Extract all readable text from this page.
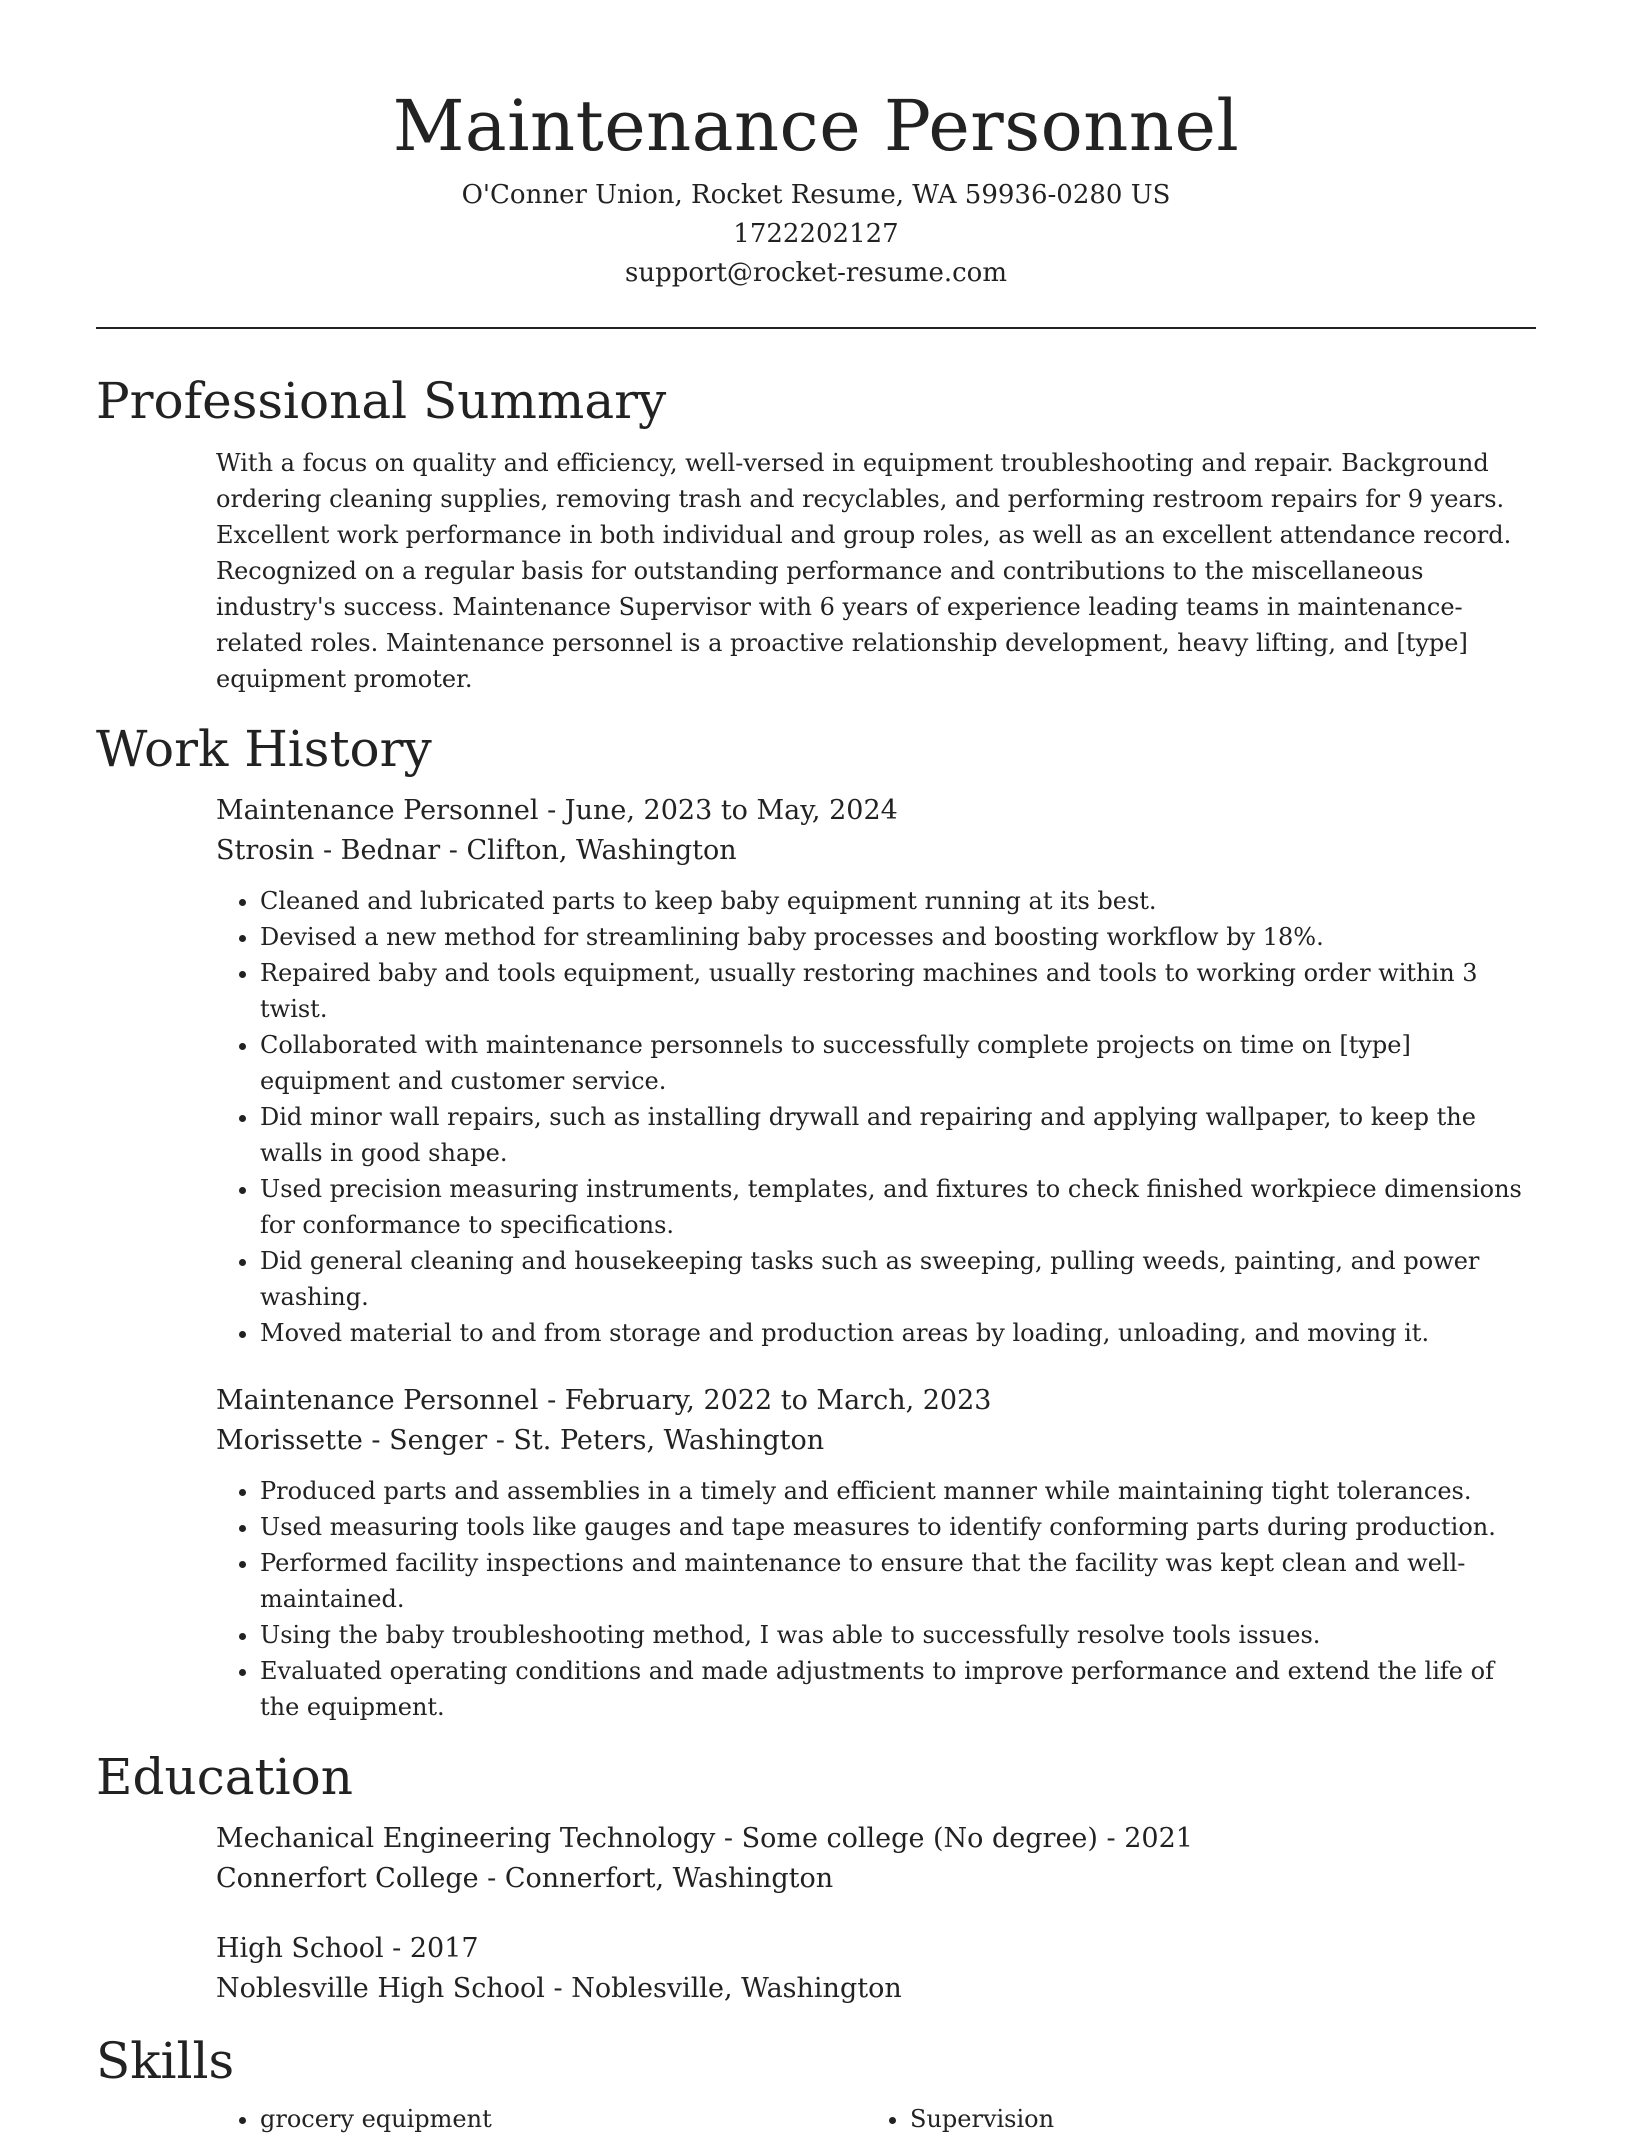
Maintenance Personnel
O'Conner Union, Rocket Resume, WA 59936-0280 US
1722202127
support@rocket-resume.com
Professional Summary
With a focus on quality and efficiency, well-versed in equipment troubleshooting and repair. Background ordering cleaning supplies, removing trash and recyclables, and performing restroom repairs for 9 years. Excellent work performance in both individual and group roles, as well as an excellent attendance record. Recognized on a regular basis for outstanding performance and contributions to the miscellaneous industry's success. Maintenance Supervisor with 6 years of experience leading teams in maintenance-related roles. Maintenance personnel is a proactive relationship development, heavy lifting, and [type] equipment promoter.
Work History
Maintenance Personnel - June, 2023 to May, 2024
Strosin - Bednar - Clifton, Washington
• Cleaned and lubricated parts to keep baby equipment running at its best.
• Devised a new method for streamlining baby processes and boosting workflow by 18%.
• Repaired baby and tools equipment, usually restoring machines and tools to working order within 3 twist.
• Collaborated with maintenance personnels to successfully complete projects on time on [type] equipment and customer service.
• Did minor wall repairs, such as installing drywall and repairing and applying wallpaper, to keep the walls in good shape.
• Used precision measuring instruments, templates, and fixtures to check finished workpiece dimensions for conformance to specifications.
• Did general cleaning and housekeeping tasks such as sweeping, pulling weeds, painting, and power washing.
• Moved material to and from storage and production areas by loading, unloading, and moving it.
Maintenance Personnel - February, 2022 to March, 2023
Morissette - Senger - St. Peters, Washington
• Produced parts and assemblies in a timely and efficient manner while maintaining tight tolerances.
• Used measuring tools like gauges and tape measures to identify conforming parts during production.
• Performed facility inspections and maintenance to ensure that the facility was kept clean and well-maintained.
• Using the baby troubleshooting method, I was able to successfully resolve tools issues.
• Evaluated operating conditions and made adjustments to improve performance and extend the life of the equipment.
Education
Mechanical Engineering Technology - Some college (No degree) - 2021
Connerfort College - Connerfort, Washington
High School - 2017
Noblesville High School - Noblesville, Washington
Skills
• grocery equipment
•	Supervision
